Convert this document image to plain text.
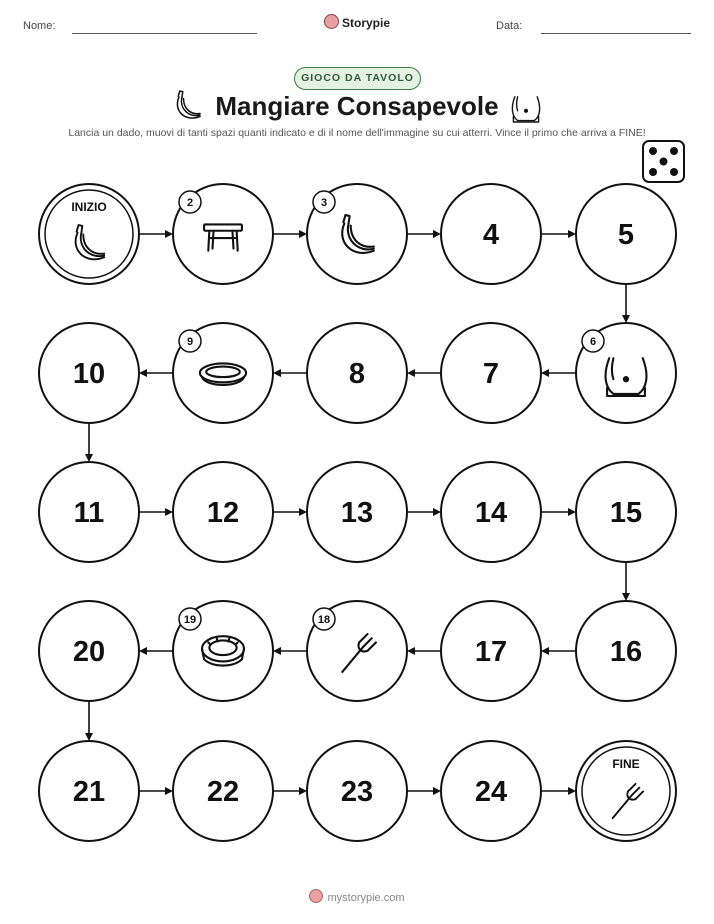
Nome:	Storypie	Data:
GIOCO DA TAVOLO
Mangiare Consapevole
Lancia un dado, muovi di tanti spazi quanti indicato e di il nome dell'immagine su cui atterri. Vince il primo che arriva a FINE!
INIZIO	2	3
4	5
6
7
8
9
10
11	12	13	14	15
16
17
18
19
20
21	22	23	24
FINE
mystorypie.com
